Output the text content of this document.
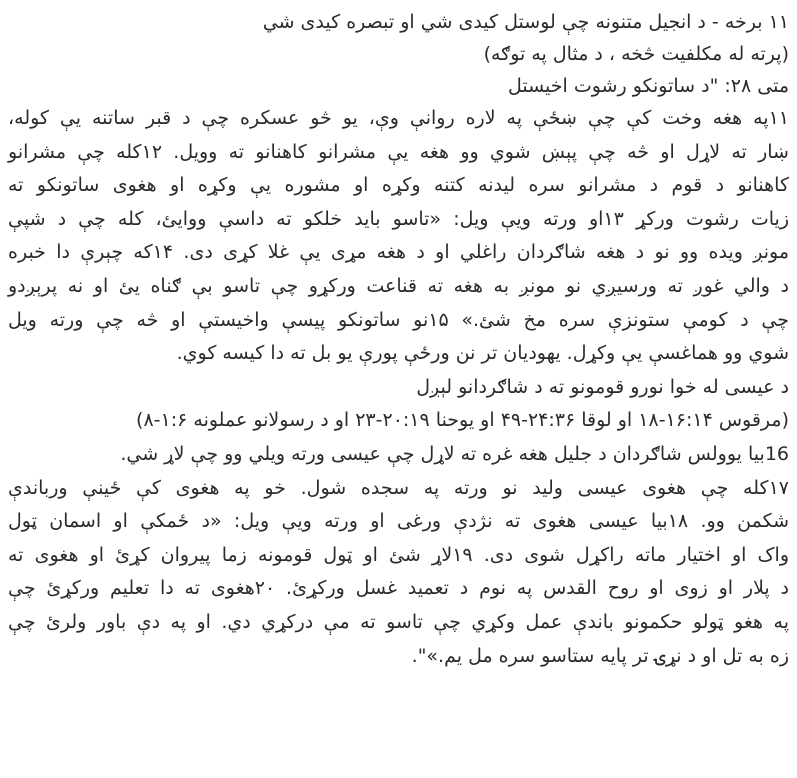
۱۱ برخه - د انجيل متنونه چې لوستل کيدی شي او تبصره کيدی شي
(پرته له مکلفيت څخه ، د مثال په توګه)
متی ۲۸: "د ساتونکو رشوت اخيستل
۱۱په هغه وخت کې چې ښځې په لاره روانې وې، يو څو عسکره چې د قبر ساتنه يې کوله،
ښار ته لاړل او څه چې پېښ شوي وو هغه يې مشرانو کاهنانو ته وويل. ۱۲کله چې مشرانو
کاهنانو د قوم د مشرانو سره ليدنه کتنه وکړه او مشوره يې وکړه او هغوی ساتونکو ته
زيات رشوت ورکړ ۱۳او ورته ويې ويل: «تاسو بايد خلکو ته داسې ووايئ، کله چې د شپې
مونږ ويده وو نو د هغه شاګردان راغلي او د هغه مړی يې غلا کړی دی. ۱۴که چېرې دا خبره
د والي غوږ ته ورسيږي نو مونږ به هغه ته قناعت ورکړو چې تاسو بې ګناه يئ او نه پرېږدو
چې د کومې ستونزې سره مخ شئ.» ۱۵نو ساتونکو پيسې واخيستې او څه چې ورته ويل
شوي وو هماغسې يې وکړل. يهوديان تر نن ورځې پورې يو بل ته دا کيسه کوي.
د عيسی له خوا نورو قومونو ته د شاګردانو لېږل
(مرقوس ۱۶:۱۴-۱۸ او لوقا ۲۴:۳۶-۴۹ او يوحنا ۲۰:۱۹-۲۳ او د رسولانو عملونه ۱:۶-۸)
16بيا يوولس شاګردان د جليل هغه غره ته لاړل چې عيسی ورته ويلي وو چې لاړ شي.
۱۷کله چې هغوی عيسی وليد نو ورته په سجده شول. خو په هغوی کې ځينې ورباندې
شکمن وو. ۱۸بيا عيسی هغوی ته نژدې ورغی او ورته ويې ويل: «د ځمکې او اسمان ټول
واک او اختيار ماته راکړل شوی دی. ۱۹لاړ شئ او ټول قومونه زما پيروان کړئ او هغوی ته
د پلار او زوی او روح القدس په نوم د تعميد غسل ورکړئ. ۲۰هغوی ته دا تعليم ورکړئ چې
په هغو ټولو حکمونو باندې عمل وکړي چې تاسو ته مې درکړي دي. او په دې باور ولرئ چې
زه به تل او د نړۍ تر پايه ستاسو سره مل يم.»".
